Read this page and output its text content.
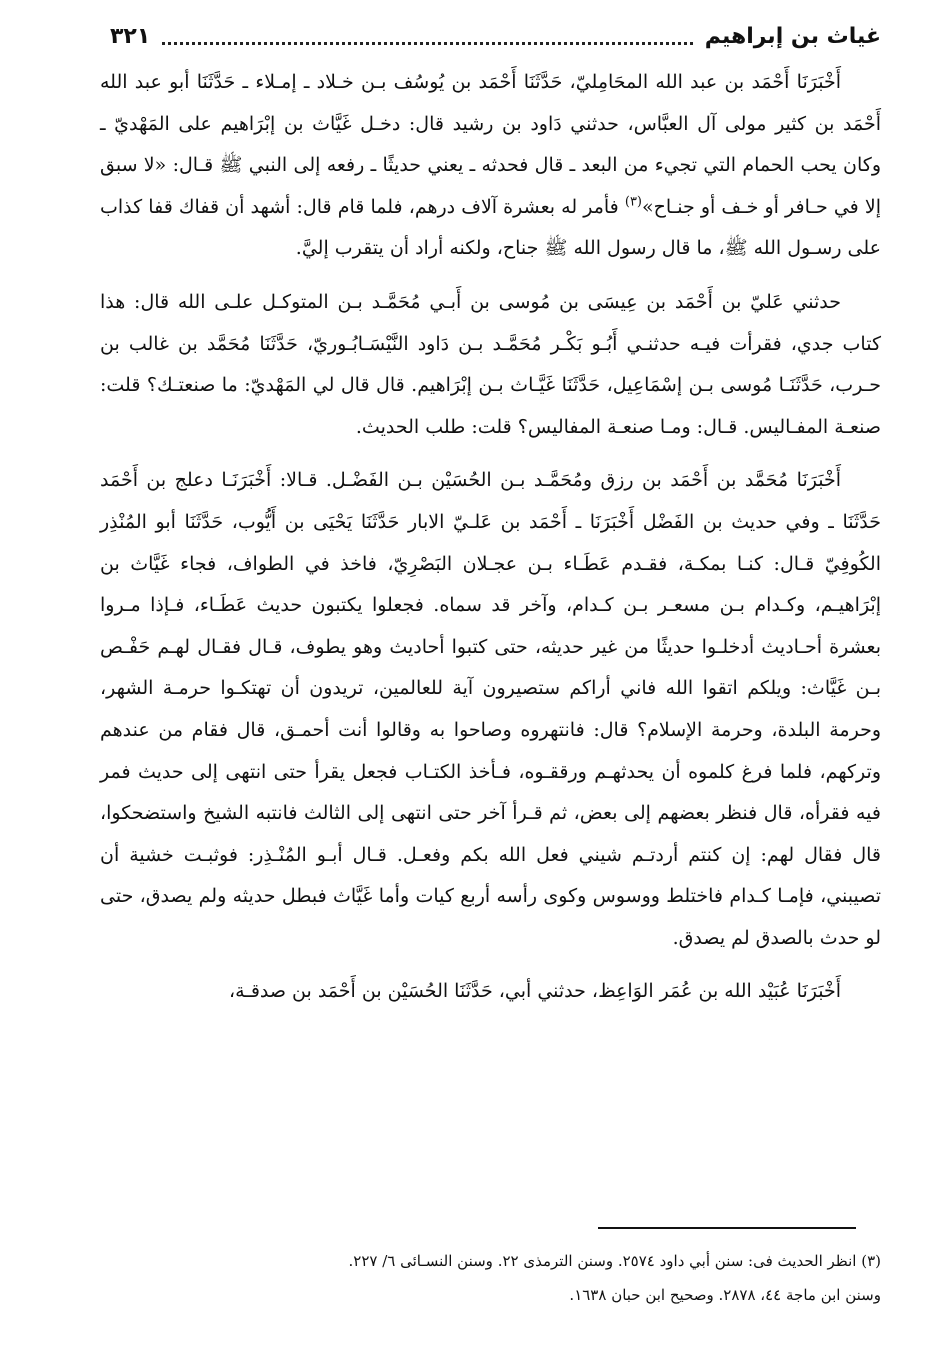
غياث بن إبراهيم
٣٢١

أَخْبَرَنَا أَحْمَد بن عبد الله المحَامِليّ، حَدَّثَنَا أَحْمَد بن يُوسُف بـن خـلاد ـ إمـلاء ـ حَدَّثَنَا أبو عبد الله أَحْمَد بن كثير مولى آل العبَّاس، حدثني دَاود بن رشيد قال: دخـل غَيَّاث بن إبْرَاهيم على المَهْديّ ـ وكان يحب الحمام التي تجيء من البعد ـ قال فحدثه ـ يعني حديثًا ـ رفعه إلى النبي ﷺ قـال: «لا سبق إلا في حـافر أو خـف أو جنـاح»$^{(٣)}$ فأمر له بعشرة آلاف درهم، فلما قام قال: أشهد أن قفاك قفا كذاب على رسـول الله ﷺ، ما قال رسول الله ﷺ جناح، ولكنه أراد أن يتقرب إليَّ.

حدثني عَليّ بن أَحْمَد بن عِيسَى بن مُوسى بن أَبـي مُحَمَّـد بـن المتوكـل علـى الله قال: هذا كتاب جدي، فقرأت فيـه حدثنـي أَبُـو بَكْـر مُحَمَّـد بـن دَاود النَّيْسَـابُـوريّ، حَدَّثَنَا مُحَمَّد بن غالب بن حـرب، حَدَّثَنَـا مُوسى بـن إسْمَاعِيل، حَدَّثَنَا غَيَّـاث بـن إبْرَاهيم. قال قال لي المَهْديّ: ما صنعتـك؟ قلت: صنعـة المفـاليس. قـال: ومـا صنعـة المفاليس؟ قلت: طلب الحديث.

أَخْبَرَنَا مُحَمَّد بن أَحْمَد بن رزق ومُحَمَّـد بـن الحُسَيْن بـن الفَضْـل. قـالا: أَخْبَرَنَـا دعلج بن أَحْمَد حَدَّثَنَا ـ وفي حديث بن الفَضْل أَخْبَرَنَا ـ أَحْمَد بن عَلـيّ الابار حَدَّثَنَا يَحْيَى بن أَيُّوب، حَدَّثَنَا أبو المُنْذِر الكُوفِيّ قـال: كنـا بمكـة، فقـدم عَطَـاء بـن عجـلان البَصْرِيّ، فاخذ في الطواف، فجاء غَيَّاث بن إبْرَاهيـم، وكـدام بـن مسعـر بـن كـدام، وآخر قد سماه. فجعلوا يكتبون حديث عَطَـاء، فـإذا مـروا بعشرة أحـاديث أدخلـوا حديثًا من غير حديثه، حتى كتبوا أحاديث وهو يطوف، قـال فقـال لهـم حَفْـص بـن غَيَّاث: ويلكم اتقوا الله فاني أراكم ستصيرون آية للعالمين، تريدون أن تهتكـوا حرمـة الشهر، وحرمة البلدة، وحرمة الإسلام؟ قال: فانتهروه وصاحوا به وقالوا أنت أحمـق، قال فقام من عندهم وتركهم، فلما فرغ كلموه أن يحدثهـم ورققـوه، فـأخذ الكتـاب فجعل يقرأ حتى انتهى إلى حديث فمر فيه فقرأه، قال فنظر بعضهم إلى بعض، ثم قـرأ آخر حتى انتهى إلى الثالث فانتبه الشيخ واستضحكوا، قال فقال لهم: إن كنتم أردتـم شيني فعل الله بكم وفعـل. قـال أبـو المُنْـذِر: فوثبـت خشية أن تصيبني، فإمـا كـدام فاختلط ووسوس وكوى رأسه أربع كيات وأما غَيَّاث فبطل حديثه ولم يصدق، حتى لو حدث بالصدق لم يصدق.

أَخْبَرَنَا عُبَيْد الله بن عُمَر الوَاعِظ، حدثني أبي، حَدَّثَنَا الحُسَيْن بن أَحْمَد بن صدقـة،

(٣) انظر الحديث فى: سنن أبي داود ٢٥٧٤. وسنن الترمذى ٢٢. وسنن النسـائى ٦/ ٢٢٧.
وسنن ابن ماجة ٤٤، ٢٨٧٨. وصحيح ابن حبان ١٦٣٨.
